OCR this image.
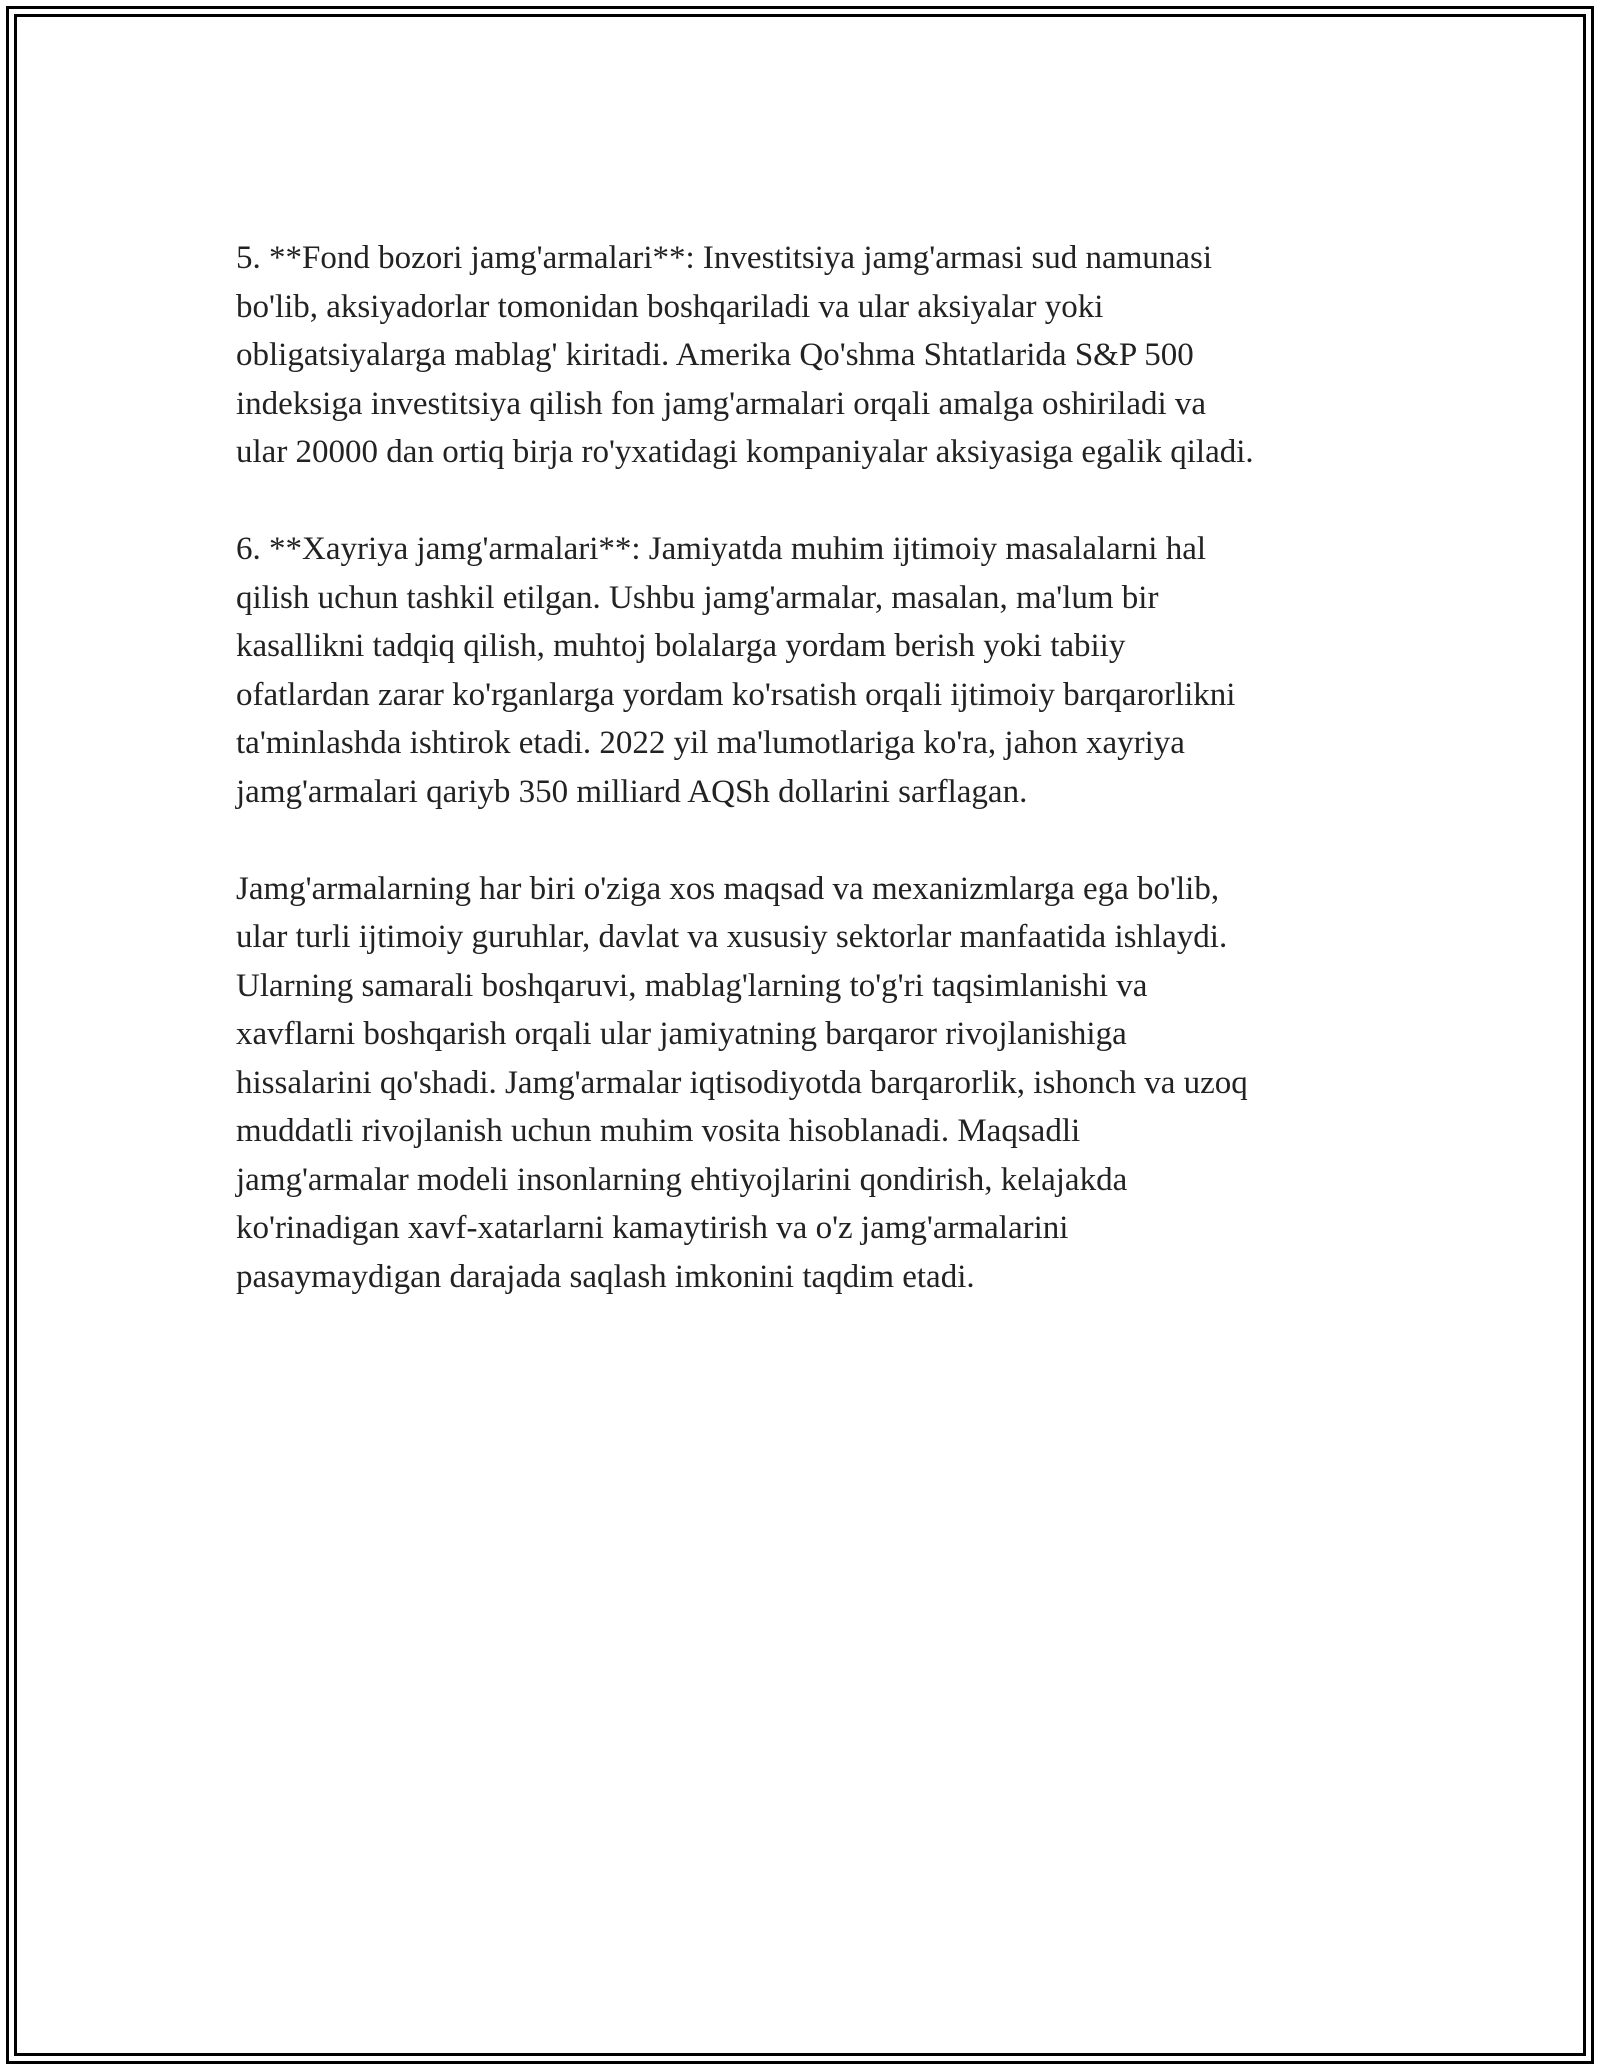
5. **Fond bozori jamg'armalari**: Investitsiya jamg'armasi sud namunasi
bo'lib, aksiyadorlar tomonidan boshqariladi va ular aksiyalar yoki
obligatsiyalarga mablag' kiritadi. Amerika Qo'shma Shtatlarida S&P 500
indeksiga investitsiya qilish fon jamg'armalari orqali amalga oshiriladi va
ular 20000 dan ortiq birja ro'yxatidagi kompaniyalar aksiyasiga egalik qiladi.

6. **Xayriya jamg'armalari**: Jamiyatda muhim ijtimoiy masalalarni hal
qilish uchun tashkil etilgan. Ushbu jamg'armalar, masalan, ma'lum bir
kasallikni tadqiq qilish, muhtoj bolalarga yordam berish yoki tabiiy
ofatlardan zarar ko'rganlarga yordam ko'rsatish orqali ijtimoiy barqarorlikni
ta'minlashda ishtirok etadi. 2022 yil ma'lumotlariga ko'ra, jahon xayriya
jamg'armalari qariyb 350 milliard AQSh dollarini sarflagan.

Jamg'armalarning har biri o'ziga xos maqsad va mexanizmlarga ega bo'lib,
ular turli ijtimoiy guruhlar, davlat va xususiy sektorlar manfaatida ishlaydi.
Ularning samarali boshqaruvi, mablag'larning to'g'ri taqsimlanishi va
xavflarni boshqarish orqali ular jamiyatning barqaror rivojlanishiga
hissalarini qo'shadi. Jamg'armalar iqtisodiyotda barqarorlik, ishonch va uzoq
muddatli rivojlanish uchun muhim vosita hisoblanadi. Maqsadli
jamg'armalar modeli insonlarning ehtiyojlarini qondirish, kelajakda
ko'rinadigan xavf-xatarlarni kamaytirish va o'z jamg'armalarini
pasaymaydigan darajada saqlash imkonini taqdim etadi.
